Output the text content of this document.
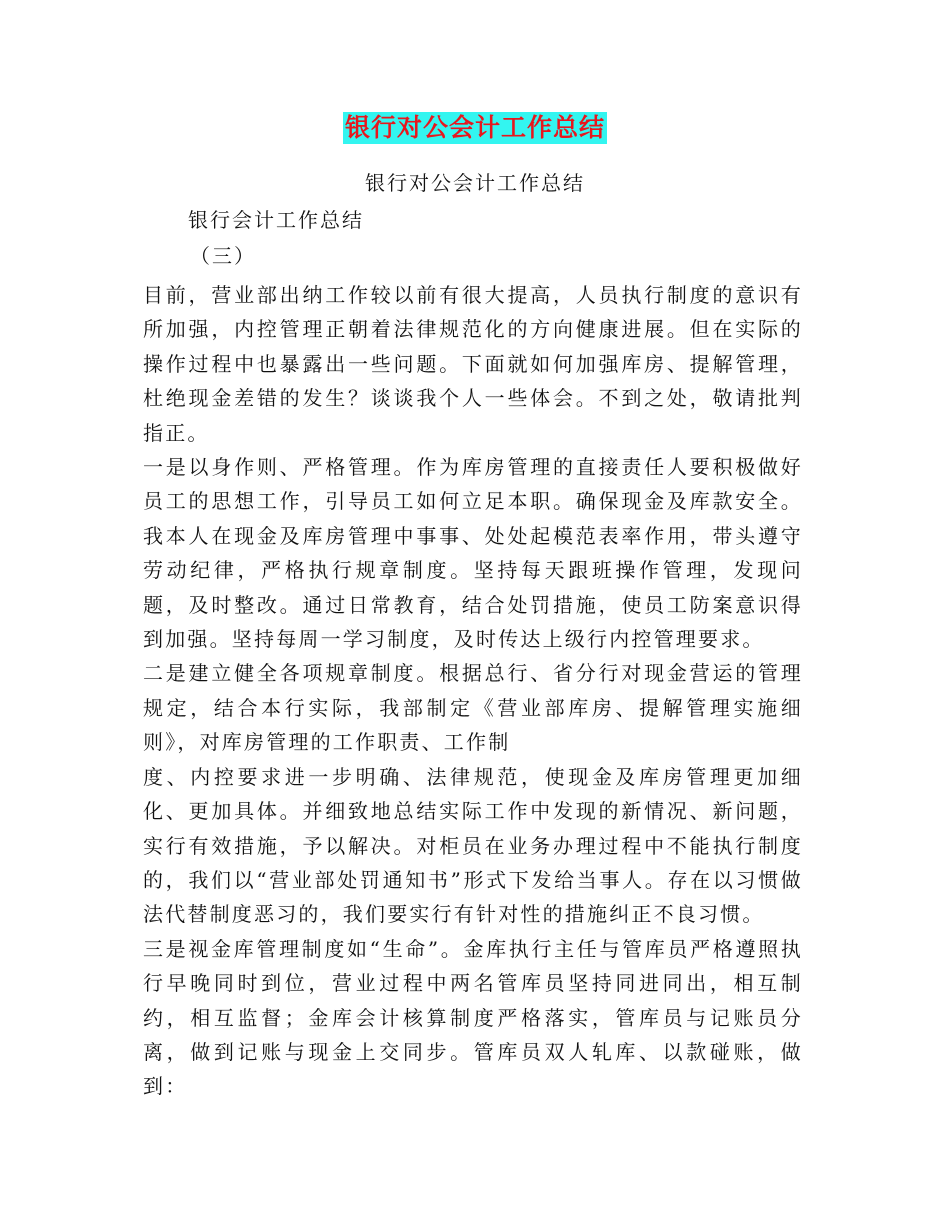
银行对公会计工作总结
银行对公会计工作总结
银行会计工作总结
（三）

目前，营业部出纳工作较以前有很大提高，人员执行制度的意识有所加强，内控管理正朝着法律规范化的方向健康进展。但在实际的操作过程中也暴露出一些问题。下面就如何加强库房、提解管理，杜绝现金差错的发生？谈谈我个人一些体会。不到之处，敬请批判指正。

一是以身作则、严格管理。作为库房管理的直接责任人要积极做好员工的思想工作，引导员工如何立足本职。确保现金及库款安全。我本人在现金及库房管理中事事、处处起模范表率作用，带头遵守劳动纪律，严格执行规章制度。坚持每天跟班操作管理，发现问题，及时整改。通过日常教育，结合处罚措施，使员工防案意识得到加强。坚持每周一学习制度，及时传达上级行内控管理要求。

二是建立健全各项规章制度。根据总行、省分行对现金营运的管理规定，结合本行实际，我部制定《营业部库房、提解管理实施细则》，对库房管理的工作职责、工作制

度、内控要求进一步明确、法律规范，使现金及库房管理更加细化、更加具体。并细致地总结实际工作中发现的新情况、新问题，实行有效措施，予以解决。对柜员在业务办理过程中不能执行制度的，我们以“营业部处罚通知书”形式下发给当事人。存在以习惯做法代替制度恶习的，我们要实行有针对性的措施纠正不良习惯。

三是视金库管理制度如“生命”。金库执行主任与管库员严格遵照执行早晚同时到位，营业过程中两名管库员坚持同进同出，相互制约，相互监督；金库会计核算制度严格落实，管库员与记账员分离，做到记账与现金上交同步。管库员双人轧库、以款碰账，做到：
